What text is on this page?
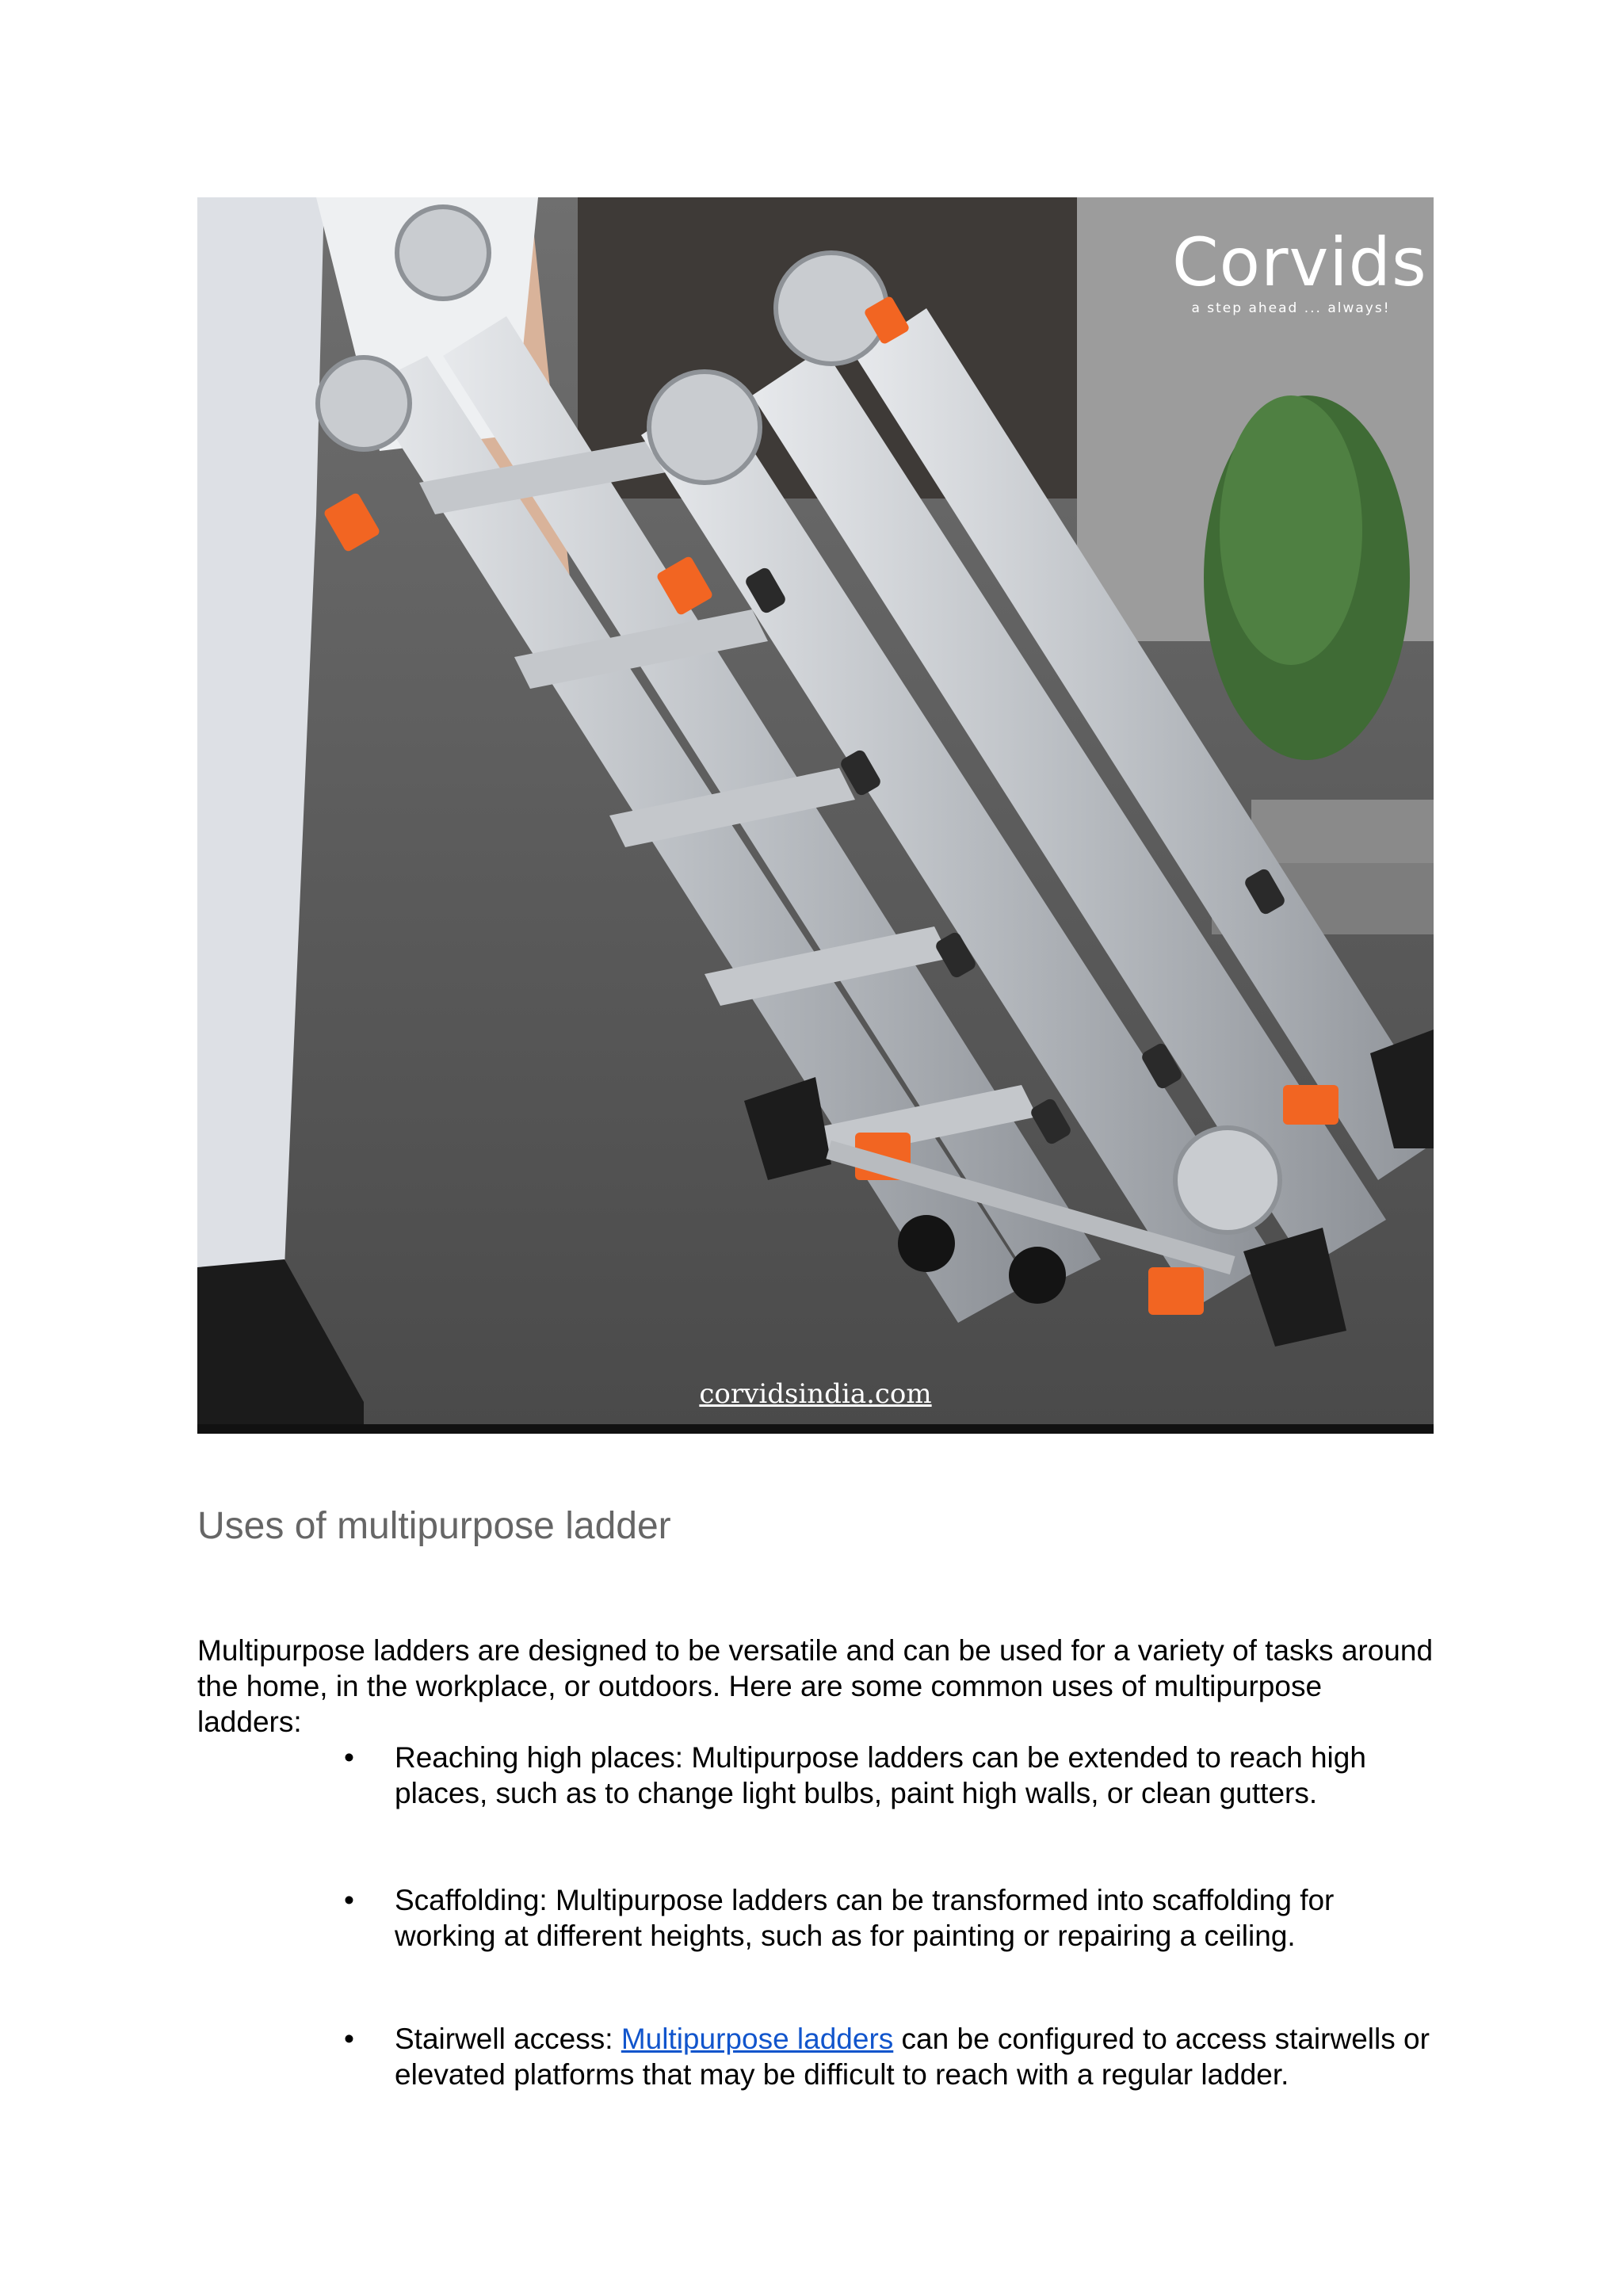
Corvids
a step ahead ... always!
corvidsindia.com
Uses of multipurpose ladder

Multipurpose ladders are designed to be versatile and can be used for a variety of tasks around the home, in the workplace, or outdoors. Here are some common uses of multipurpose ladders:

• Reaching high places: Multipurpose ladders can be extended to reach high places, such as to change light bulbs, paint high walls, or clean gutters.
• Scaffolding: Multipurpose ladders can be transformed into scaffolding for working at different heights, such as for painting or repairing a ceiling.
• Stairwell access: Multipurpose ladders can be configured to access stairwells or elevated platforms that may be difficult to reach with a regular ladder.
